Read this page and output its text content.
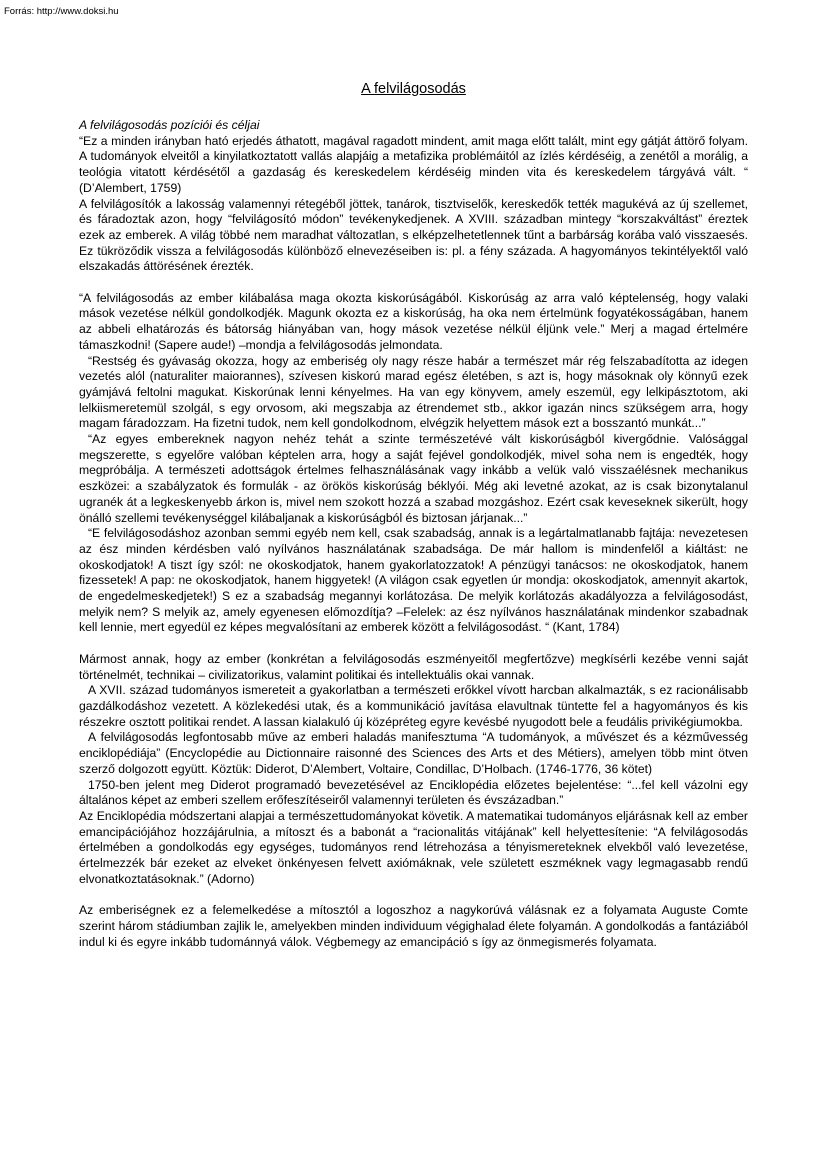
Forrás: http://www.doksi.hu
A felvilágosodás

A felvilágosodás pozíciói és céljai

“Ez a minden irányban ható erjedés áthatott, magával ragadott mindent, amit maga előtt talált, mint egy gátját áttörő folyam. A tudományok elveitől a kinyilatkoztatott vallás alapjáig a metafizika problémáitól az ízlés kérdéséig, a zenétől a morálig, a teológia vitatott kérdésétől a gazdaság és kereskedelem kérdéséig minden vita és kereskedelem tárgyává vált. “ (D’Alembert, 1759)

A felvilágosítók a lakosság valamennyi rétegéből jöttek, tanárok, tisztviselők, kereskedők tették magukévá az új szellemet, és fáradoztak azon, hogy “felvilágosító módon” tevékenykedjenek. A XVIII. században mintegy “korszakváltást” éreztek ezek az emberek. A világ többé nem maradhat változatlan, s elképzelhetetlennek tűnt a barbárság korába való visszaesés. Ez tükröződik vissza a felvilágosodás különböző elnevezéseiben is: pl. a fény százada. A hagyományos tekintélyektől való elszakadás áttörésének érezték.

“A felvilágosodás az ember kilábalása maga okozta kiskorúságából. Kiskorúság az arra való képtelenség, hogy valaki mások vezetése nélkül gondolkodjék. Magunk okozta ez a kiskorúság, ha oka nem értelmünk fogyatékosságában, hanem az abbeli elhatározás és bátorság hiányában van, hogy mások vezetése nélkül éljünk vele.” Merj a magad értelmére támaszkodni! (Sapere aude!) –mondja a felvilágosodás jelmondata.

“Restség és gyávaság okozza, hogy az emberiség oly nagy része habár a természet már rég felszabadította az idegen vezetés alól (naturaliter maiorannes), szívesen kiskorú marad egész életében, s azt is, hogy másoknak oly könnyű ezek gyámjává feltolni magukat. Kiskorúnak lenni kényelmes. Ha van egy könyvem, amely eszemül, egy lelkipásztotom, aki lelkiismeretemül szolgál, s egy orvosom, aki megszabja az étrendemet stb., akkor igazán nincs szükségem arra, hogy magam fáradozzam. Ha fizetni tudok, nem kell gondolkodnom, elvégzik helyettem mások ezt a bosszantó munkát...”

“Az egyes embereknek nagyon nehéz tehát a szinte természetévé vált kiskorúságból kivergődnie. Valósággal megszerette, s egyelőre valóban képtelen arra, hogy a saját fejével gondolkodjék, mivel soha nem is engedték, hogy megpróbálja. A természeti adottságok értelmes felhasználásának vagy inkább a velük való visszaélésnek mechanikus eszközei: a szabályzatok és formulák - az örökös kiskorúság béklyói. Még aki levetné azokat, az is csak bizonytalanul ugranék át a legkeskenyebb árkon is, mivel nem szokott hozzá a szabad mozgáshoz. Ezért csak keveseknek sikerült, hogy önálló szellemi tevékenységgel kilábaljanak a kiskorúságból és biztosan járjanak...”

“E felvilágosodáshoz azonban semmi egyéb nem kell, csak szabadság, annak is a legártalmatlanabb fajtája: nevezetesen az ész minden kérdésben való nyílvános használatának szabadsága. De már hallom is mindenfelől a kiáltást: ne okoskodjatok! A tiszt így szól: ne okoskodjatok, hanem gyakorlatozzatok! A pénzügyi tanácsos: ne okoskodjatok, hanem fizessetek! A pap: ne okoskodjatok, hanem higgyetek! (A világon csak egyetlen úr mondja: okoskodjatok, amennyit akartok, de engedelmeskedjetek!) S ez a szabadság megannyi korlátozása. De melyik korlátozás akadályozza a felvilágosodást, melyik nem? S melyik az, amely egyenesen előmozdítja? –Felelek: az ész nyílvános használatának mindenkor szabadnak kell lennie, mert egyedül ez képes megvalósítani az emberek között a felvilágosodást. “ (Kant, 1784)

Mármost annak, hogy az ember (konkrétan a felvilágosodás eszményeitől megfertőzve) megkísérli kezébe venni saját történelmét, technikai – civilizatorikus, valamint politikai és intellektuális okai vannak.

A XVII. század tudományos ismereteit a gyakorlatban a természeti erőkkel vívott harcban alkalmazták, s ez racionálisabb gazdálkodáshoz vezetett. A közlekedési utak, és a kommunikáció javítása elavultnak tüntette fel a hagyományos és kis részekre osztott politikai rendet. A lassan kialakuló új középréteg egyre kevésbé nyugodott bele a feudális privikégiumokba.

A felvilágosodás legfontosabb műve az emberi haladás manifesztuma “A tudományok, a művészet és a kézművesség enciklopédiája” (Encyclopédie au Dictionnaire raisonné des Sciences des Arts et des Métiers), amelyen több mint ötven szerző dolgozott együtt. Köztük: Diderot, D’Alembert, Voltaire, Condillac, D’Holbach. (1746-1776, 36 kötet)

1750-ben jelent meg Diderot programadó bevezetésével az Enciklopédia előzetes bejelentése: “...fel kell vázolni egy általános képet az emberi szellem erőfeszítéseiről valamennyi területen és évszázadban.”

Az Enciklopédia módszertani alapjai a természettudományokat követik. A matematikai tudományos eljárásnak kell az ember emancipációjához hozzájárulnia, a mítoszt és a babonát a “racionalitás vitájának” kell helyettesítenie: “A felvilágosodás értelmében a gondolkodás egy egységes, tudományos rend létrehozása a tényismereteknek elvekből való levezetése, értelmezzék bár ezeket az elveket önkényesen felvett axiómáknak, vele született eszméknek vagy legmagasabb rendű elvonatkoztatásoknak.” (Adorno)

Az emberiségnek ez a felemelkedése a mítosztól a logoszhoz a nagykorúvá válásnak ez a folyamata Auguste Comte szerint három stádiumban zajlik le, amelyekben minden individuum végighalad élete folyamán. A gondolkodás a fantáziából indul ki és egyre inkább tudománnyá válok. Végbemegy az emancipáció s így az önmegismerés folyamata.
